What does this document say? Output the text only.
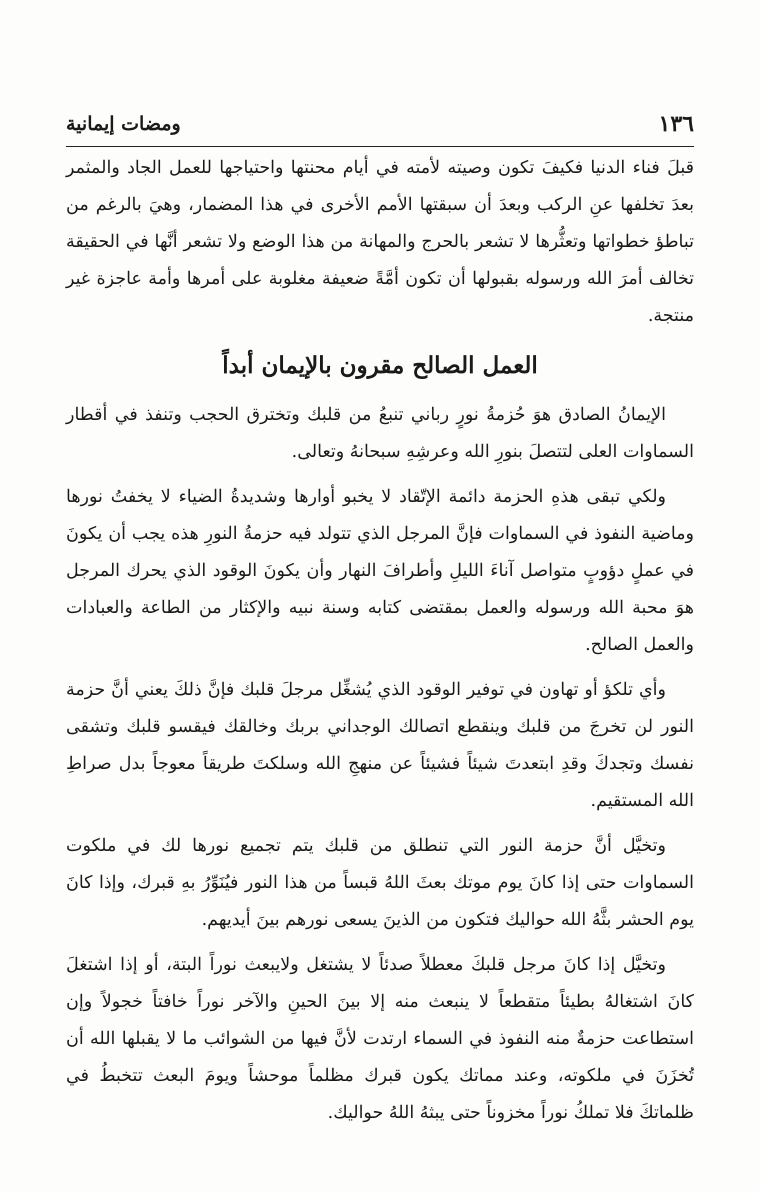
١٣٦
ومضات إيمانية

قبلَ فناء الدنيا فكيفَ تكون وصيته لأمته في أيام محنتها واحتياجها للعمل الجاد والمثمر بعدَ تخلفها عنِ الركب وبعدَ أن سبقتها الأمم الأخرى في هذا المضمار، وهيَ بالرغم من تباطؤ خطواتها وتعثُّرها لا تشعر بالحرج والمهانة من هذا الوضع ولا تشعر أنَّها في الحقيقة تخالف أمرَ الله ورسوله بقبولها أن تكون أمَّةً ضعيفة مغلوبة على أمرها وأمة عاجزة غير منتجة.

العمل الصالح مقرون بالإيمان أبداً

الإيمانُ الصادق هوَ حُزمةُ نورٍ رباني تنبعُ من قلبك وتخترق الحجب وتنفذ في أقطار السماوات العلى لتتصلَ بنورِ الله وعرشِهِ سبحانهُ وتعالى.

ولكي تبقى هذهِ الحزمة دائمة الإتّقاد لا يخبو أوارها وشديدةُ الضياء لا يخفتُ نورها وماضية النفوذ في السماوات فإنَّ المرجل الذي تتولد فيه حزمةُ النورِ هذه يجب أن يكونَ في عملٍ دؤوبٍ متواصل آناءَ الليلِ وأطرافَ النهار وأن يكونَ الوقود الذي يحرك المرجل هوَ محبة الله ورسوله والعمل بمقتضى كتابه وسنة نبيه والإكثار من الطاعة والعبادات والعمل الصالح.

وأي تلكؤ أو تهاون في توفير الوقود الذي يُشغِّل مرجلَ قلبك فإنَّ ذلكَ يعني أنَّ حزمة النور لن تخرجَ من قلبك وينقطع اتصالك الوجداني بربك وخالقك فيقسو قلبك وتشقى نفسك وتجدكَ وقدِ ابتعدتَ شيئاً فشيئاً عن منهجِ الله وسلكتَ طريقاً معوجاً بدل صراطِ الله المستقيم.

وتخيَّل أنَّ حزمة النور التي تنطلق من قلبك يتم تجميع نورها لك في ملكوت السماوات حتى إذا كانَ يوم موتك بعثَ اللهُ قبساً من هذا النور فيُنَوِّرُ بهِ قبرك، وإذا كانَ يوم الحشر بثَّهُ الله حواليك فتكون من الذينَ يسعى نورهم بينَ أيديهم.

وتخيَّل إذا كانَ مرجل قلبكَ معطلاً صدئاً لا يشتغل ولايبعث نوراً البتة، أو إذا اشتغلَ كانَ اشتغالهُ بطيئاً متقطعاً لا ينبعث منه إلا بينَ الحينِ والآخر نوراً خافتاً خجولاً وإن استطاعت حزمةٌ منه النفوذ في السماء ارتدت لأنَّ فيها من الشوائب ما لا يقبلها الله أن تُخزَنَ في ملكوته، وعند مماتك يكون قبرك مظلماً موحشاً ويومَ البعث تتخبطُ في ظلماتكَ فلا تملكُ نوراً مخزوناً حتى يبثهُ اللهُ حواليك.
